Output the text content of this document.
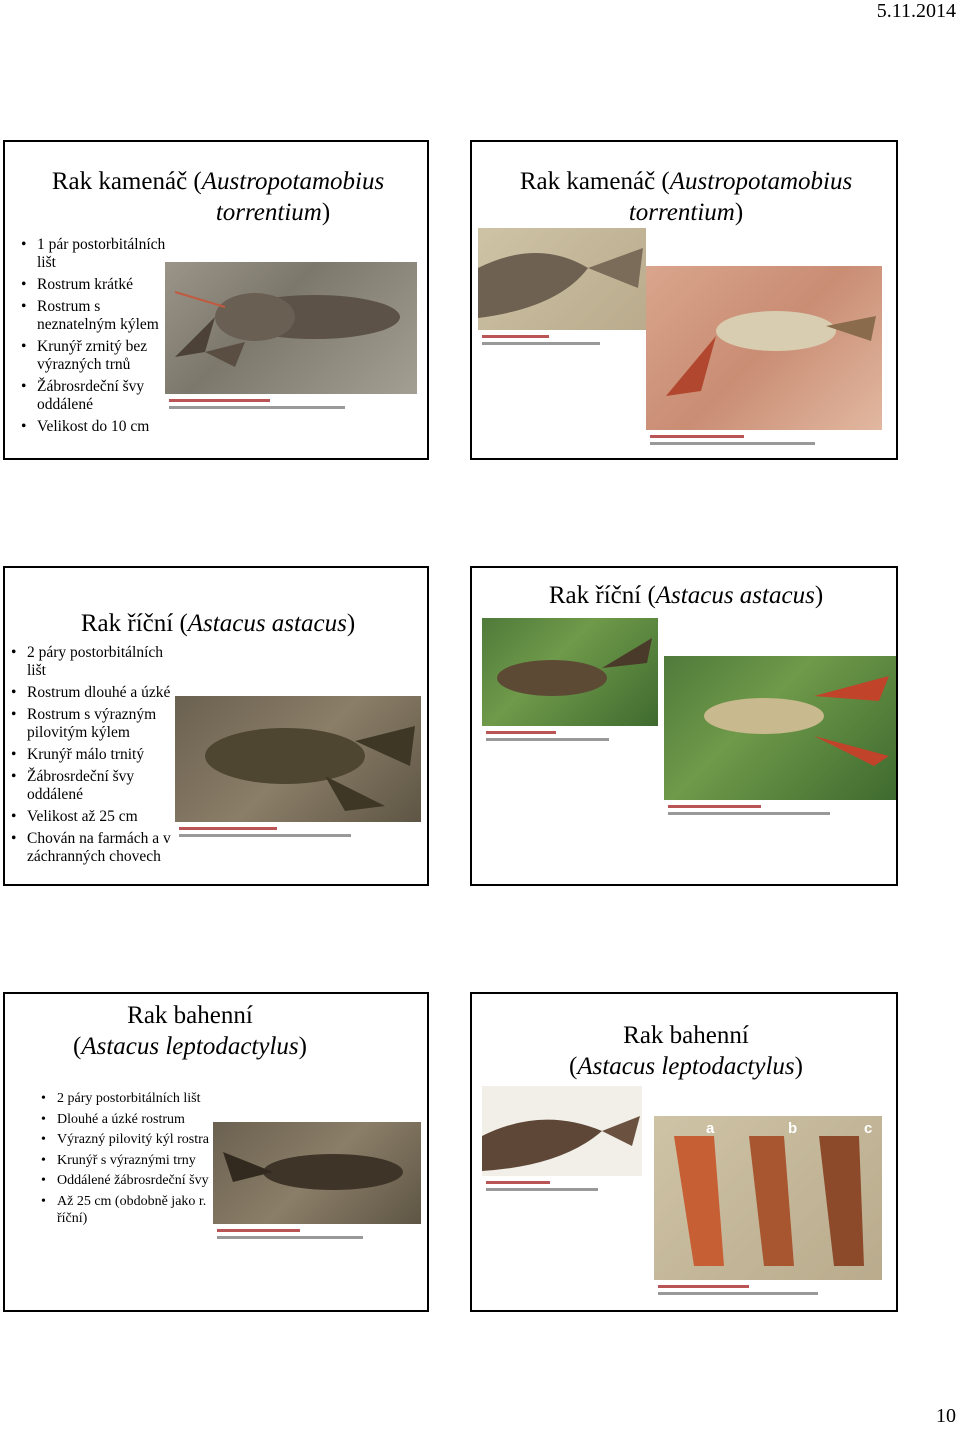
5.11.2014
Rak kamenáč (Austropotamobius
torrentium)
• 1 pár postorbitálních lišt
• Rostrum krátké
• Rostrum s neznatelným kýlem
• Krunýř zrnitý bez výrazných trnů
• Žábrosrdeční švy oddálené
• Velikost do 10 cm
Rak kamenáč (Austropotamobius
torrentium)
Rak říční (Astacus astacus)
• 2 páry postorbitálních lišt
• Rostrum dlouhé a úzké
• Rostrum s výrazným pilovitým kýlem
• Krunýř málo trnitý
• Žábrosrdeční švy oddálené
• Velikost až 25 cm
• Chován na farmách a v záchranných chovech
Rak říční (Astacus astacus)
Rak bahenní
(Astacus leptodactylus)
• 2 páry postorbitálních lišt
• Dlouhé a úzké rostrum
• Výrazný pilovitý kýl rostra
• Krunýř s výraznými trny
• Oddálené žábrosrdeční švy
• Až 25 cm (obdobně jako r. říční)
Rak bahenní
(Astacus leptodactylus)
a	b	c
10
